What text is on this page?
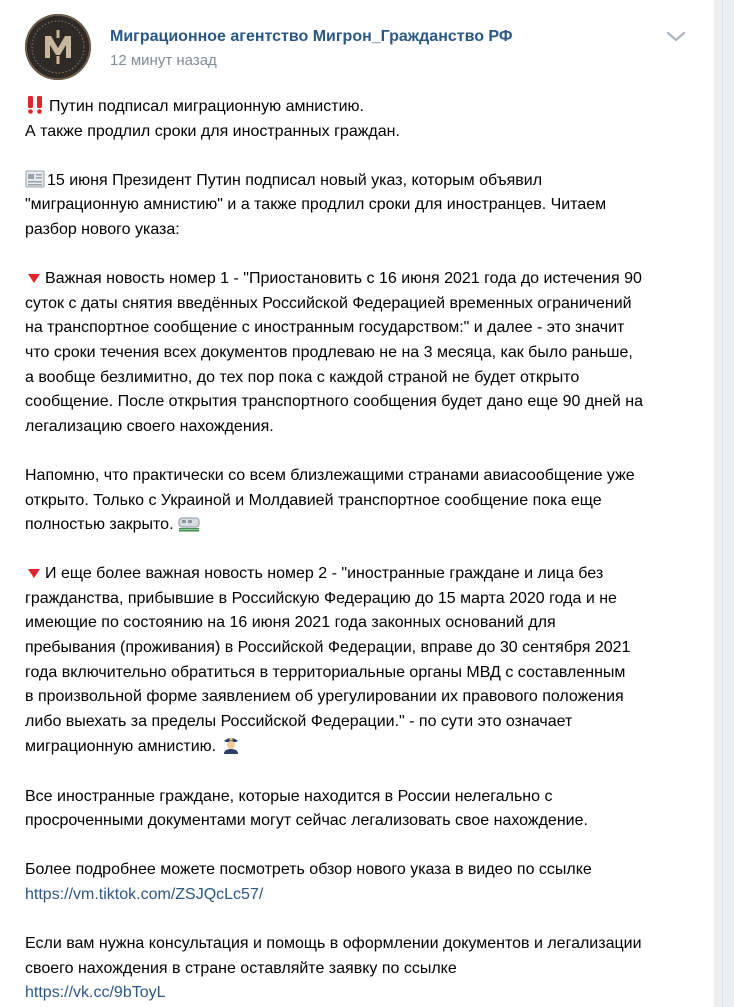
Миграционное агентство Мигрон_Гражданство РФ
12 минут назад
Путин подписал миграционную амнистию.
А также продлил сроки для иностранных граждан.
15 июня Президент Путин подписал новый указ, которым объявил
"миграционную амнистию" и а также продлил сроки для иностранцев. Читаем
разбор нового указа:
Важная новость номер 1 - "Приостановить с 16 июня 2021 года до истечения 90
суток с даты снятия введённых Российской Федерацией временных ограничений
на транспортное сообщение с иностранным государством:" и далее - это значит
что сроки течения всех документов продлеваю не на 3 месяца, как было раньше,
а вообще безлимитно, до тех пор пока с каждой страной не будет открыто
сообщение. После открытия транспортного сообщения будет дано еще 90 дней на
легализацию своего нахождения.
Напомню, что практически со всем близлежащими странами авиасообщение уже
открыто. Только с Украиной и Молдавией транспортное сообщение пока еще
полностью закрыто.
И еще более важная новость номер 2 - "иностранные граждане и лица без
гражданства, прибывшие в Российскую Федерацию до 15 марта 2020 года и не
имеющие по состоянию на 16 июня 2021 года законных оснований для
пребывания (проживания) в Российской Федерации, вправе до 30 сентября 2021
года включительно обратиться в территориальные органы МВД с составленным
в произвольной форме заявлением об урегулировании их правового положения
либо выехать за пределы Российской Федерации." - по сути это означает
миграционную амнистию.
Все иностранные граждане, которые находится в России нелегально с
просроченными документами могут сейчас легализовать свое нахождение.
Более подробнее можете посмотреть обзор нового указа в видео по ссылке
https://vm.tiktok.com/ZSJQcLc57/
Если вам нужна консультация и помощь в оформлении документов и легализации
своего нахождения в стране оставляйте заявку по ссылке
https://vk.cc/9bToyL
